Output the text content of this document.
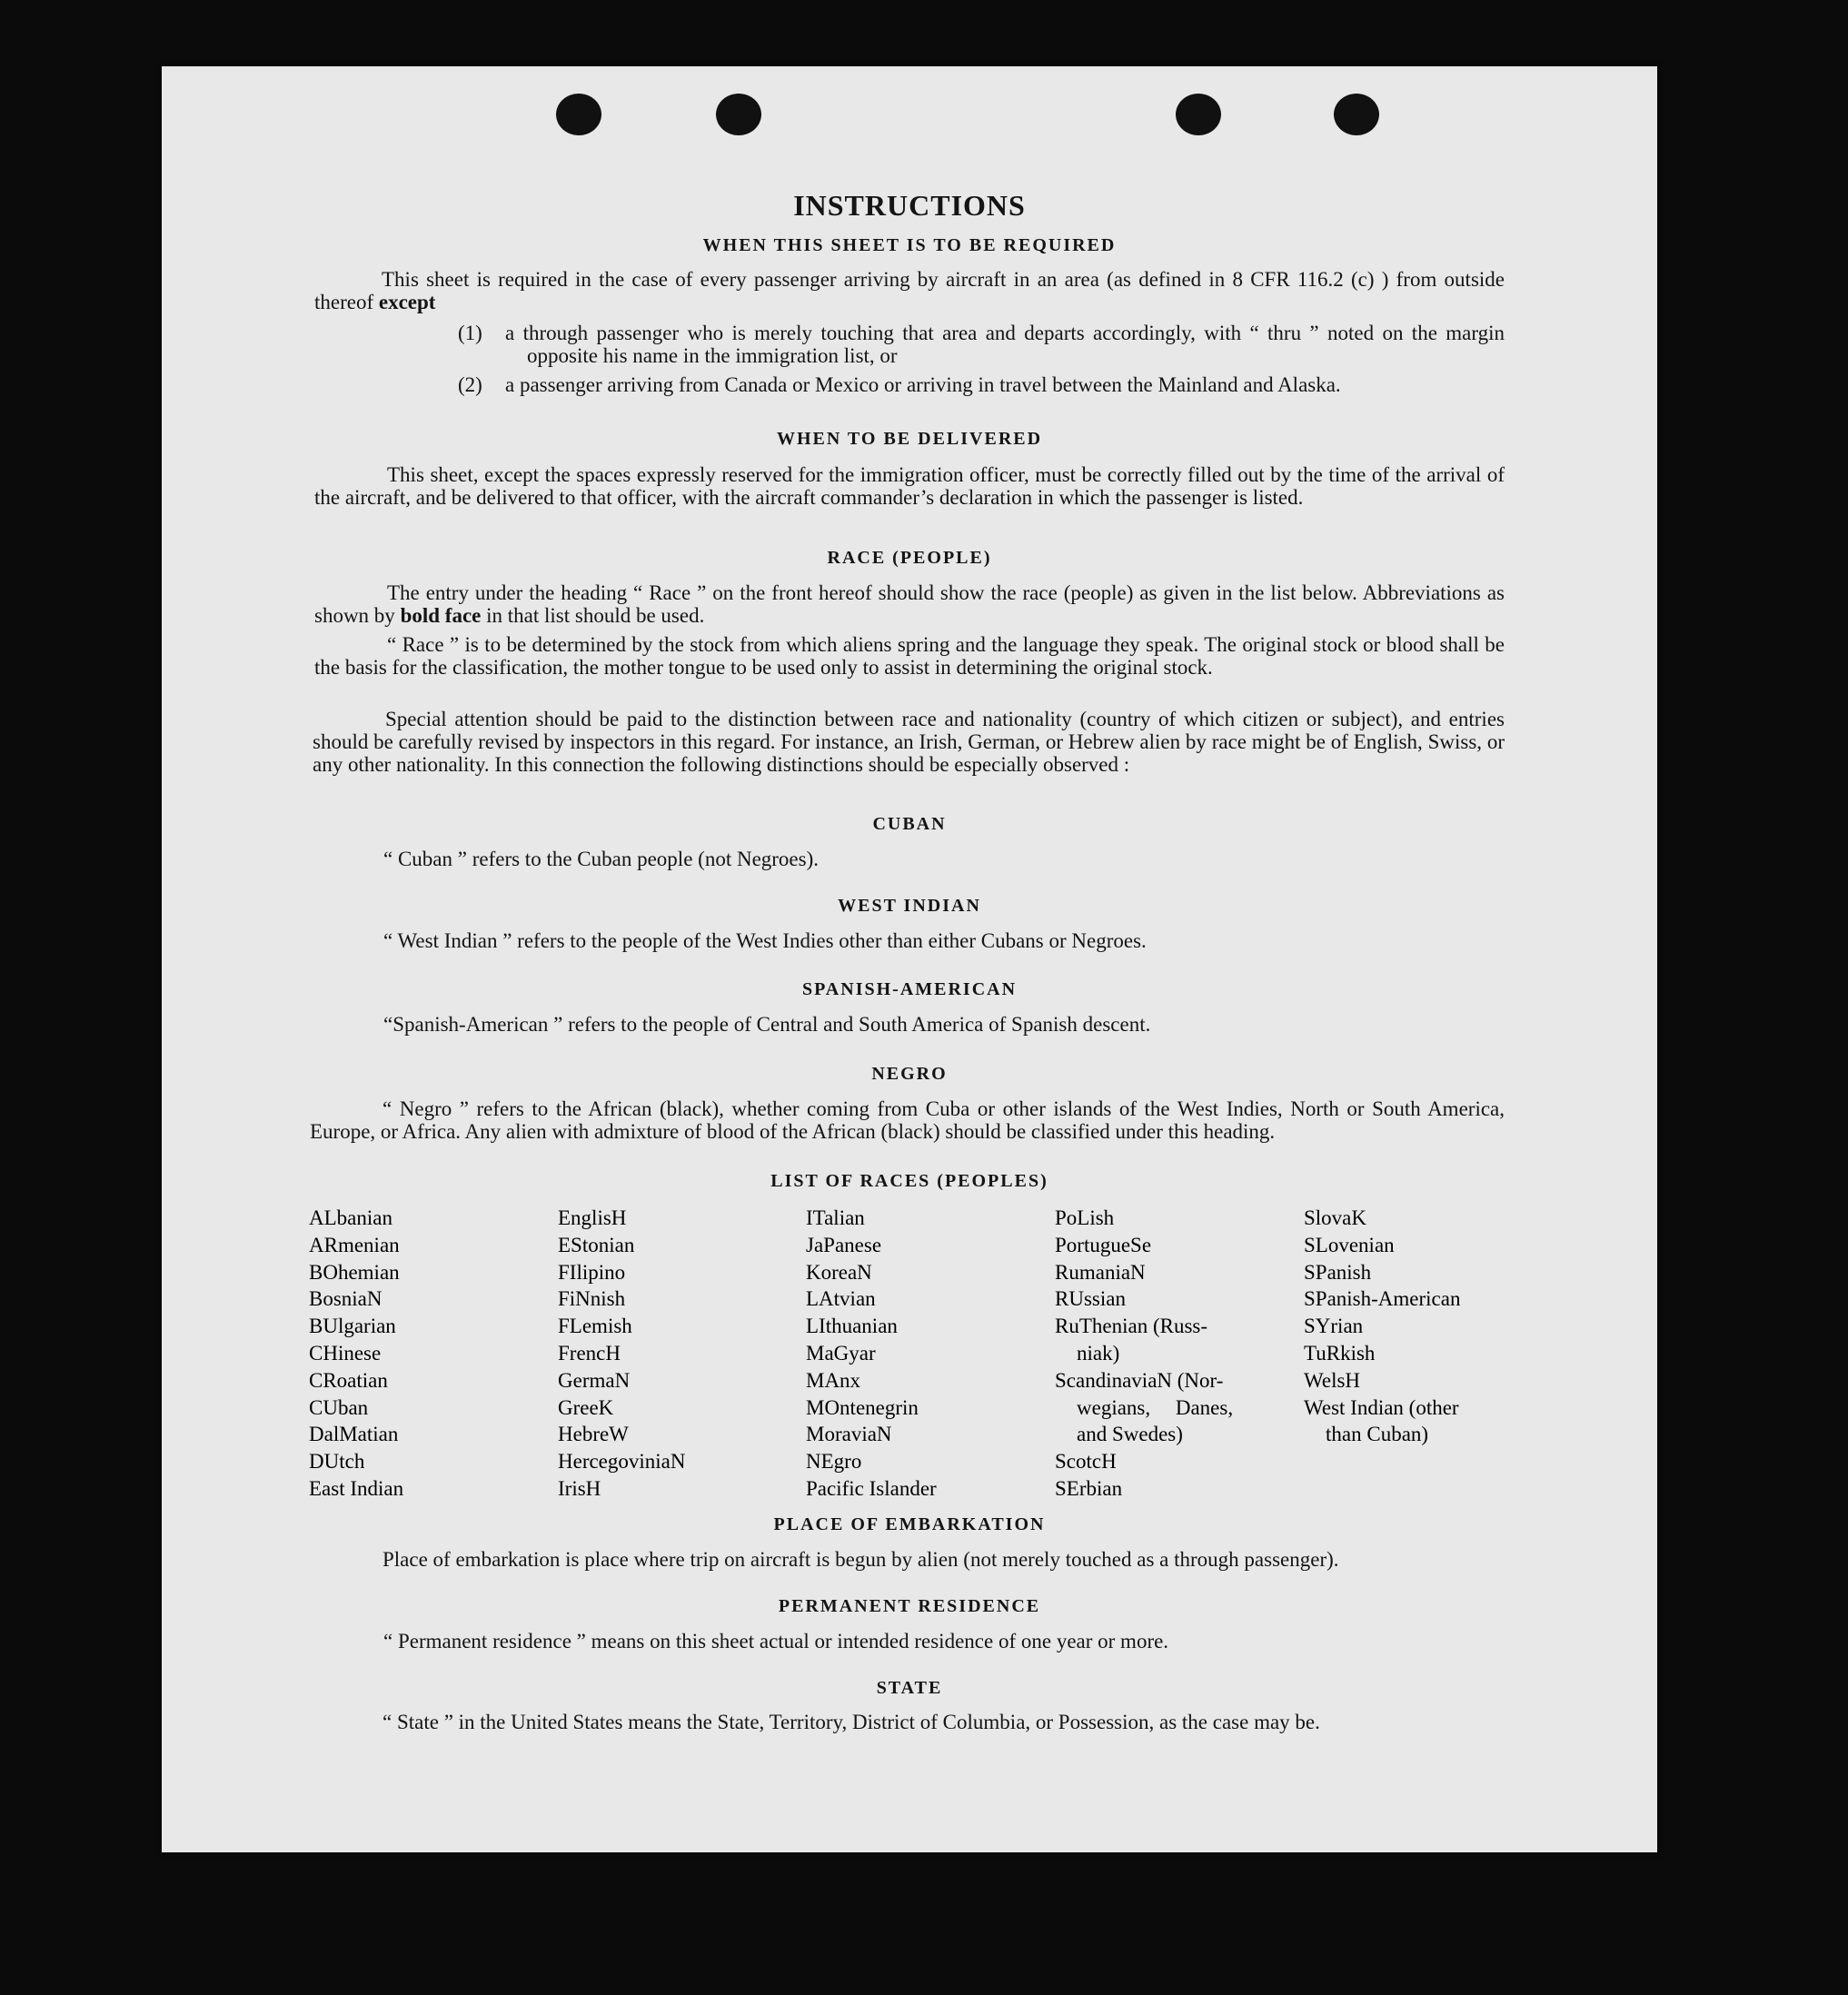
INSTRUCTIONS
WHEN THIS SHEET IS TO BE REQUIRED
This sheet is required in the case of every passenger arriving by aircraft in an area (as defined in 8 CFR 116.2 (c) ) from outside thereof except
(1)	a through passenger who is merely touching that area and departs accordingly, with “ thru ” noted on the margin opposite his name in the immigration list, or
(2)	a passenger arriving from Canada or Mexico or arriving in travel between the Mainland and Alaska.
WHEN TO BE DELIVERED
This sheet, except the spaces expressly reserved for the immigration officer, must be correctly filled out by the time of the arrival of the aircraft, and be delivered to that officer, with the aircraft commander’s declaration in which the passenger is listed.
RACE (PEOPLE)
The entry under the heading “ Race ” on the front hereof should show the race (people) as given in the list below. Abbreviations as shown by bold face in that list should be used.
“ Race ” is to be determined by the stock from which aliens spring and the language they speak. The original stock or blood shall be the basis for the classification, the mother tongue to be used only to assist in determining the original stock.
Special attention should be paid to the distinction between race and nationality (country of which citizen or subject), and entries should be carefully revised by inspectors in this regard. For instance, an Irish, German, or Hebrew alien by race might be of English, Swiss, or any other nationality. In this connection the following distinctions should be especially observed :
CUBAN
“ Cuban ” refers to the Cuban people (not Negroes).
WEST INDIAN
“ West Indian ” refers to the people of the West Indies other than either Cubans or Negroes.
SPANISH-AMERICAN
“Spanish-American ” refers to the people of Central and South America of Spanish descent.
NEGRO
“ Negro ” refers to the African (black), whether coming from Cuba or other islands of the West Indies, North or South America, Europe, or Africa. Any alien with admixture of blood of the African (black) should be classified under this heading.
LIST OF RACES (PEOPLES)
ALbanian
ARmenian
BOhemian
BosniaN
BUlgarian
CHinese
CRoatian
CUban
DalMatian
DUtch
East Indian
EnglisH
EStonian
FIlipino
FiNnish
FLemish
FrencH
GermaN
GreeK
HebreW
HercegoviniaN
IrisH
ITalian
JaPanese
KoreaN
LAtvian
LIthuanian
MaGyar
MAnx
MOntenegrin
MoraviaN
NEgro
Pacific Islander
PoLish
PortugueSe
RumaniaN
RUssian
RuThenian (Russ-
niak)
ScandinaviaN (Nor-
wegians, Danes,
and Swedes)
ScotcH
SErbian
SlovaK
SLovenian
SPanish
SPanish-American
SYrian
TuRkish
WelsH
West Indian (other
than Cuban)
PLACE OF EMBARKATION
Place of embarkation is place where trip on aircraft is begun by alien (not merely touched as a through passenger).
PERMANENT RESIDENCE
“ Permanent residence ” means on this sheet actual or intended residence of one year or more.
STATE
“ State ” in the United States means the State, Territory, District of Columbia, or Possession, as the case may be.
